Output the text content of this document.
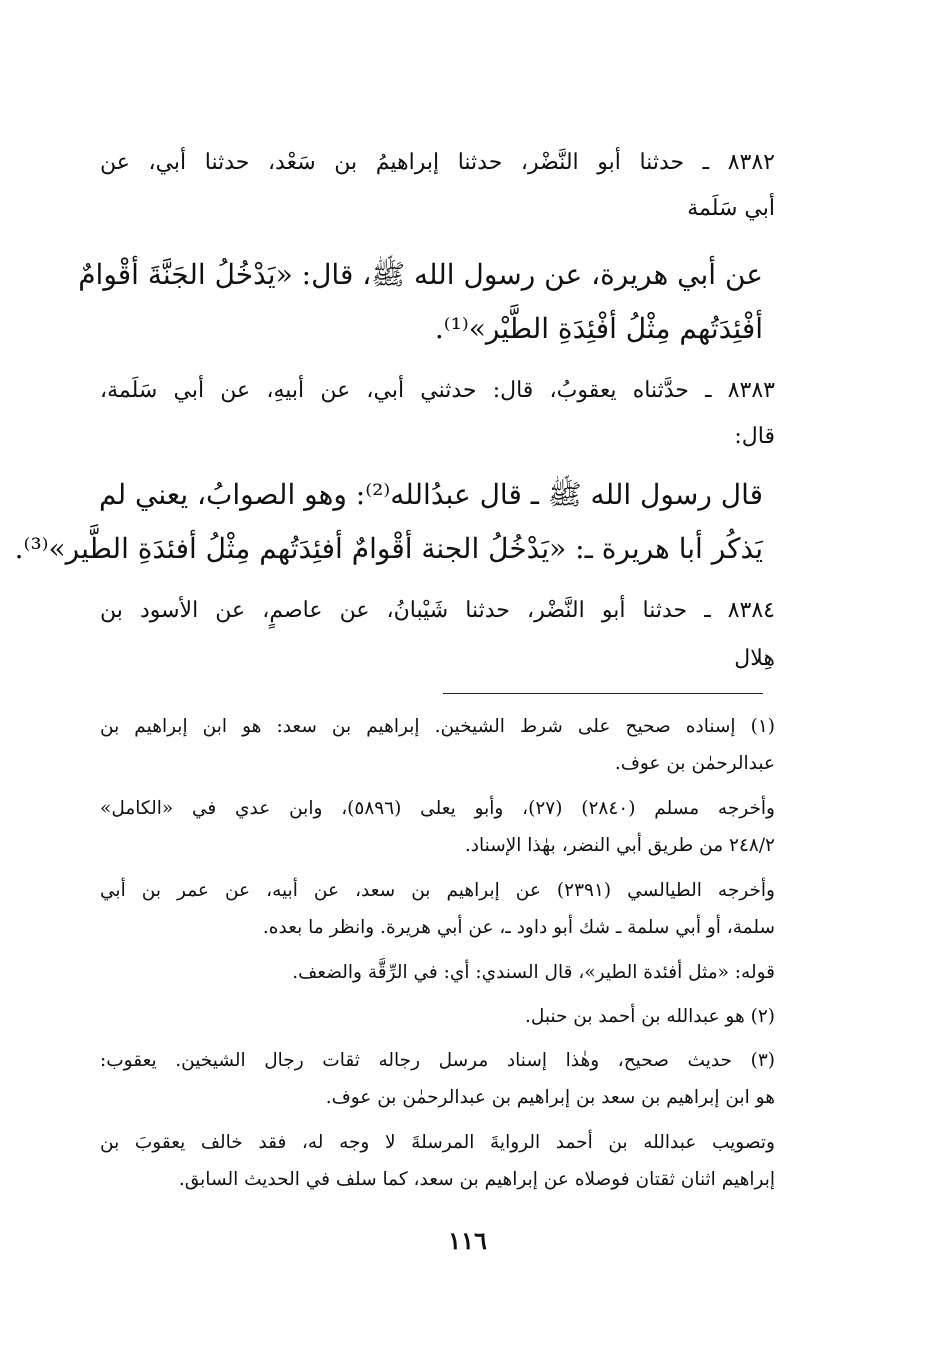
٨٣٨٢ ـ حدثنا أبو النَّضْر، حدثنا إبراهيمُ بن سَعْد، حدثنا أبي، عن
أبي سَلَمة
عن أبي هريرة، عن رسول الله ﷺ، قال: «يَدْخُلُ الجَنَّةَ أقْوامٌ
أفْئِدَتُهم مِثْلُ أفْئِدَةِ الطَّيْر»⁽¹⁾.
٨٣٨٣ ـ حدَّثناه يعقوبُ، قال: حدثني أبي، عن أبيهِ، عن أبي سَلَمة،
قال:
قال رسول الله ﷺ ـ قال عبدُالله⁽²⁾: وهو الصوابُ، يعني لم
يَذكُر أبا هريرة ـ: «يَدْخُلُ الجنة أقْوامٌ أفئِدَتُهم مِثْلُ أفئدَةِ الطَّير»⁽³⁾.
٨٣٨٤ ـ حدثنا أبو النَّضْر، حدثنا شَيْبانُ، عن عاصمٍ، عن الأسود بن
هِلال
(١) إسناده صحيح على شرط الشيخين. إبراهيم بن سعد: هو ابن إبراهيم بن
عبدالرحمٰن بن عوف.
وأخرجه مسلم (٢٨٤٠) (٢٧)، وأبو يعلى (٥٨٩٦)، وابن عدي في «الكامل»
٢٤٨/٢ من طريق أبي النضر، بهٰذا الإسناد.
وأخرجه الطيالسي (٢٣٩١) عن إبراهيم بن سعد، عن أبيه، عن عمر بن أبي
سلمة، أو أبي سلمة ـ شك أبو داود ـ، عن أبي هريرة. وانظر ما بعده.
قوله: «مثل أفئدة الطير»، قال السندي: أي: في الرِّقَّة والضعف.
(٢) هو عبدالله بن أحمد بن حنبل.
(٣) حديث صحيح، وهٰذا إسناد مرسل رجاله ثقات رجال الشيخين. يعقوب:
هو ابن إبراهيم بن سعد بن إبراهيم بن عبدالرحمٰن بن عوف.
وتصويب عبدالله بن أحمد الروايةَ المرسلةَ لا وجه له، فقد خالف يعقوبَ بن
إبراهيم اثنان ثقتان فوصلاه عن إبراهيم بن سعد، كما سلف في الحديث السابق.
١١٦
